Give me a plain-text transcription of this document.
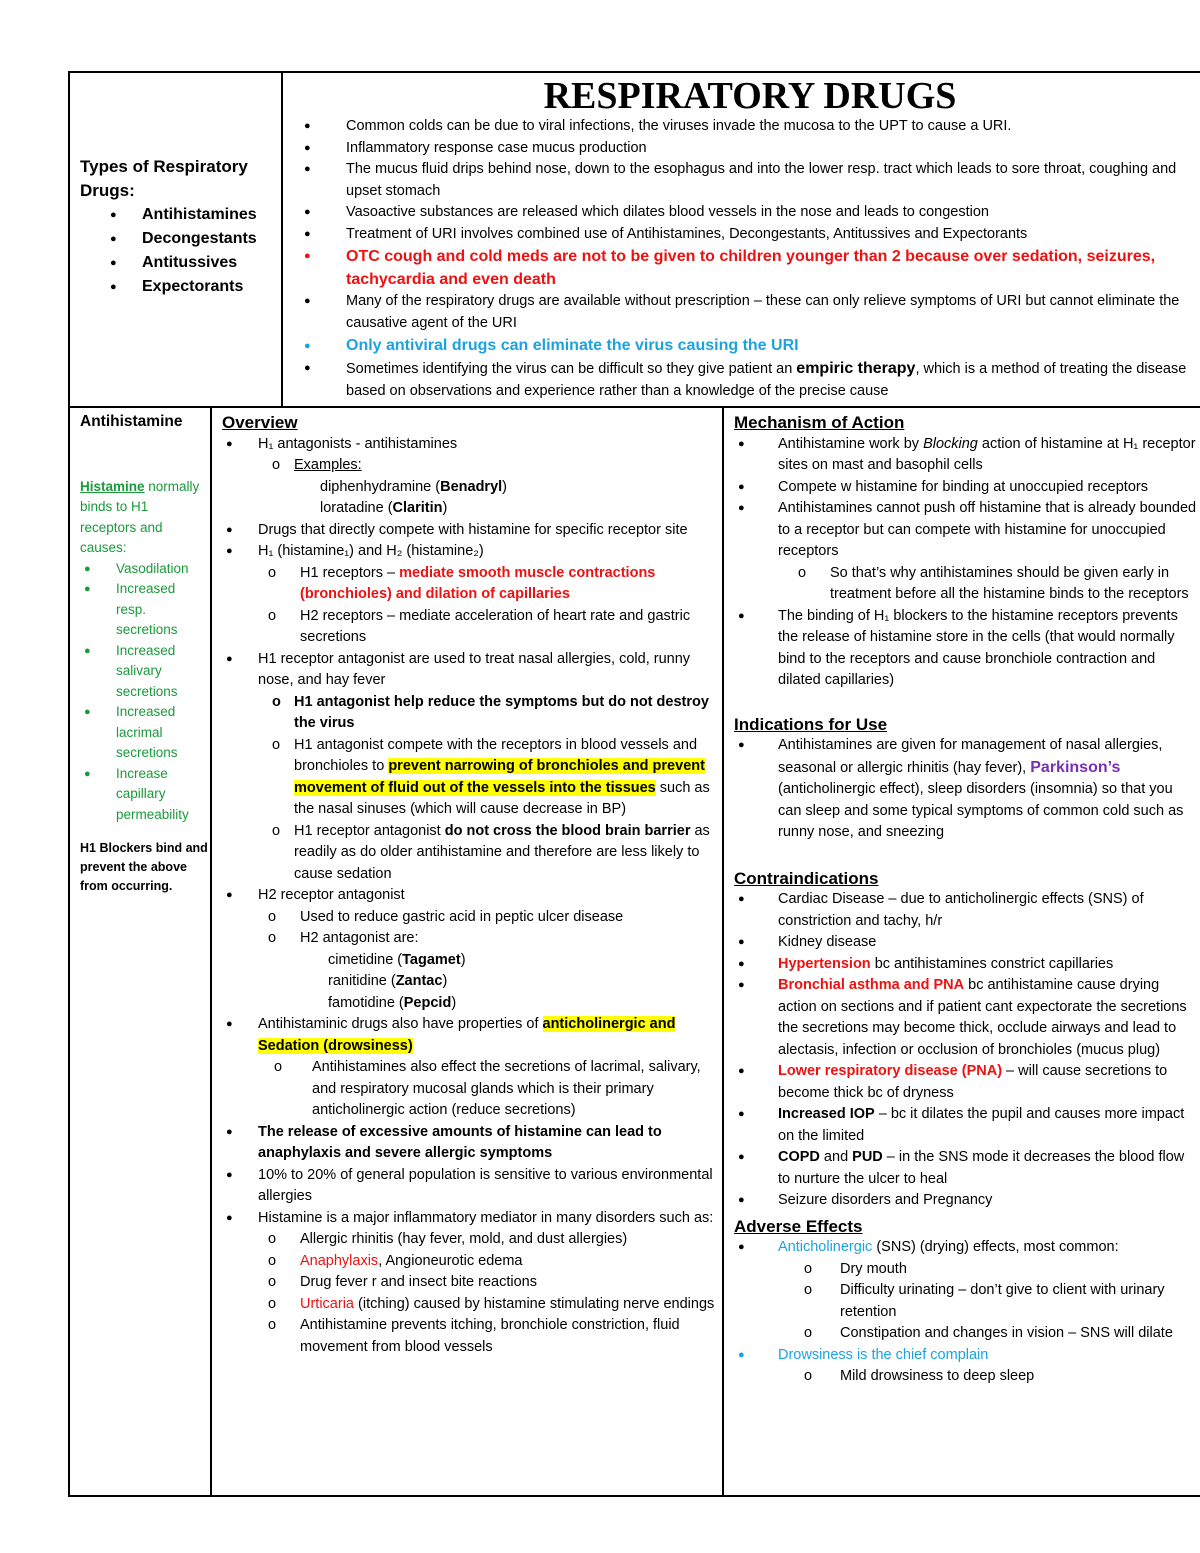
Types of Respiratory Drugs:
● Antihistamines
● Decongestants
● Antitussives
● Expectorants
RESPIRATORY DRUGS
● Common colds can be due to viral infections, the viruses invade the mucosa to the UPT to cause a URI.
● Inflammatory response case mucus production
● The mucus fluid drips behind nose, down to the esophagus and into the lower resp. tract which leads to sore throat, coughing and upset stomach
● Vasoactive substances are released which dilates blood vessels in the nose and leads to congestion
● Treatment of URI involves combined use of Antihistamines, Decongestants, Antitussives and Expectorants
● OTC cough and cold meds are not to be given to children younger than 2 because over sedation, seizures, tachycardia and even death
● Many of the respiratory drugs are available without prescription – these can only relieve symptoms of URI but cannot eliminate the causative agent of the URI
● Only antiviral drugs can eliminate the virus causing the URI
● Sometimes identifying the virus can be difficult so they give patient an empiric therapy, which is a method of treating the disease based on observations and experience rather than a knowledge of the precise cause
Antihistamine
Histamine normally binds to H1 receptors and causes:
● Vasodilation
● Increased resp. secretions
● Increased salivary secretions
● Increased lacrimal secretions
● Increase capillary permeability
H1 Blockers bind and prevent the above from occurring.
Overview
● H₁ antagonists - antihistamines
o Examples:
diphenhydramine (Benadryl)
loratadine (Claritin)
● Drugs that directly compete with histamine for specific receptor site
● H₁ (histamine₁) and H₂ (histamine₂)
o H1 receptors – mediate smooth muscle contractions (bronchioles) and dilation of capillaries
o H2 receptors – mediate acceleration of heart rate and gastric secretions
● H1 receptor antagonist are used to treat nasal allergies, cold, runny nose, and hay fever
o H1 antagonist help reduce the symptoms but do not destroy the virus
o H1 antagonist compete with the receptors in blood vessels and bronchioles to prevent narrowing of bronchioles and prevent movement of fluid out of the vessels into the tissues such as the nasal sinuses (which will cause decrease in BP)
o H1 receptor antagonist do not cross the blood brain barrier as readily as do older antihistamine and therefore are less likely to cause sedation
● H2 receptor antagonist
o Used to reduce gastric acid in peptic ulcer disease
o H2 antagonist are:
cimetidine (Tagamet)
ranitidine (Zantac)
famotidine (Pepcid)
● Antihistaminic drugs also have properties of anticholinergic and Sedation (drowsiness)
o Antihistamines also effect the secretions of lacrimal, salivary, and respiratory mucosal glands which is their primary anticholinergic action (reduce secretions)
● The release of excessive amounts of histamine can lead to anaphylaxis and severe allergic symptoms
● 10% to 20% of general population is sensitive to various environmental allergies
● Histamine is a major inflammatory mediator in many disorders such as:
o Allergic rhinitis (hay fever, mold, and dust allergies)
o Anaphylaxis, Angioneurotic edema
o Drug fever r and insect bite reactions
o Urticaria (itching) caused by histamine stimulating nerve endings
o Antihistamine prevents itching, bronchiole constriction, fluid movement from blood vessels
Mechanism of Action
● Antihistamine work by Blocking action of histamine at H₁ receptor sites on mast and basophil cells
● Compete w histamine for binding at unoccupied receptors
● Antihistamines cannot push off histamine that is already bounded to a receptor but can compete with histamine for unoccupied receptors
o So that’s why antihistamines should be given early in treatment before all the histamine binds to the receptors
● The binding of H₁ blockers to the histamine receptors prevents the release of histamine store in the cells (that would normally bind to the receptors and cause bronchiole contraction and dilated capillaries)
Indications for Use
● Antihistamines are given for management of nasal allergies, seasonal or allergic rhinitis (hay fever), Parkinson’s (anticholinergic effect), sleep disorders (insomnia) so that you can sleep and some typical symptoms of common cold such as runny nose, and sneezing
Contraindications
● Cardiac Disease – due to anticholinergic effects (SNS) of constriction and tachy, h/r
● Kidney disease
● Hypertension bc antihistamines constrict capillaries
● Bronchial asthma and PNA bc antihistamine cause drying action on sections and if patient cant expectorate the secretions the secretions may become thick, occlude airways and lead to alectasis, infection or occlusion of bronchioles (mucus plug)
● Lower respiratory disease (PNA) – will cause secretions to become thick bc of dryness
● Increased IOP – bc it dilates the pupil and causes more impact on the limited
● COPD and PUD – in the SNS mode it decreases the blood flow to nurture the ulcer to heal
● Seizure disorders and Pregnancy
Adverse Effects
● Anticholinergic (SNS) (drying) effects, most common:
o Dry mouth
o Difficulty urinating – don’t give to client with urinary retention
o Constipation and changes in vision – SNS will dilate
● Drowsiness is the chief complain
o Mild drowsiness to deep sleep
